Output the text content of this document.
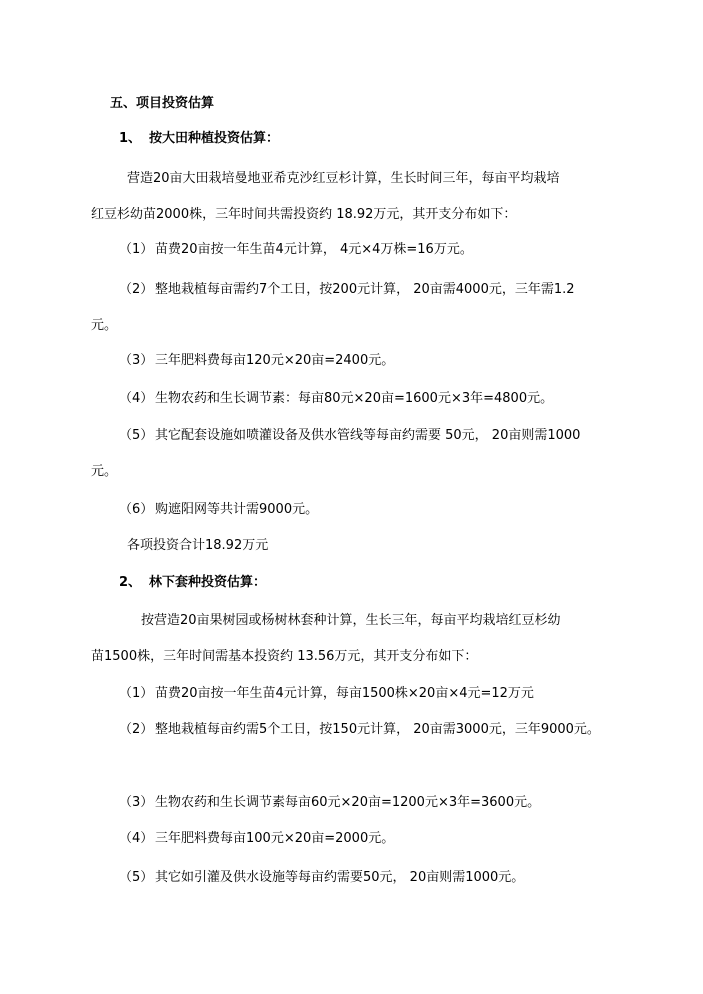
五、项目投资估算
1、 按大田种植投资估算：
营造20亩大田栽培曼地亚希克沙红豆杉计算，生长时间三年，每亩平均栽培
红豆杉幼苗2000株，三年时间共需投资约 18.92万元，其开支分布如下：
（1） 苗费20亩按一年生苗4元计算， 4元×4万株=16万元。
（2） 整地栽植每亩需约7个工日，按200元计算， 20亩需4000元，三年需1.2
元。
（3） 三年肥料费每亩120元×20亩=2400元。
（4） 生物农药和生长调节素：每亩80元×20亩=1600元×3年=4800元。
（5） 其它配套设施如喷灌设备及供水管线等每亩约需要 50元， 20亩则需1000
元。
（6） 购遮阳网等共计需9000元。
各项投资合计18.92万元
2、 林下套种投资估算：
按营造20亩果树园或杨树林套种计算，生长三年，每亩平均栽培红豆杉幼
苗1500株，三年时间需基本投资约 13.56万元，其开支分布如下：
（1） 苗费20亩按一年生苗4元计算，每亩1500株×20亩×4元=12万元
（2） 整地栽植每亩约需5个工日，按150元计算， 20亩需3000元，三年9000元。
（3） 生物农药和生长调节素每亩60元×20亩=1200元×3年=3600元。
（4） 三年肥料费每亩100元×20亩=2000元。
（5） 其它如引灌及供水设施等每亩约需要50元， 20亩则需1000元。
